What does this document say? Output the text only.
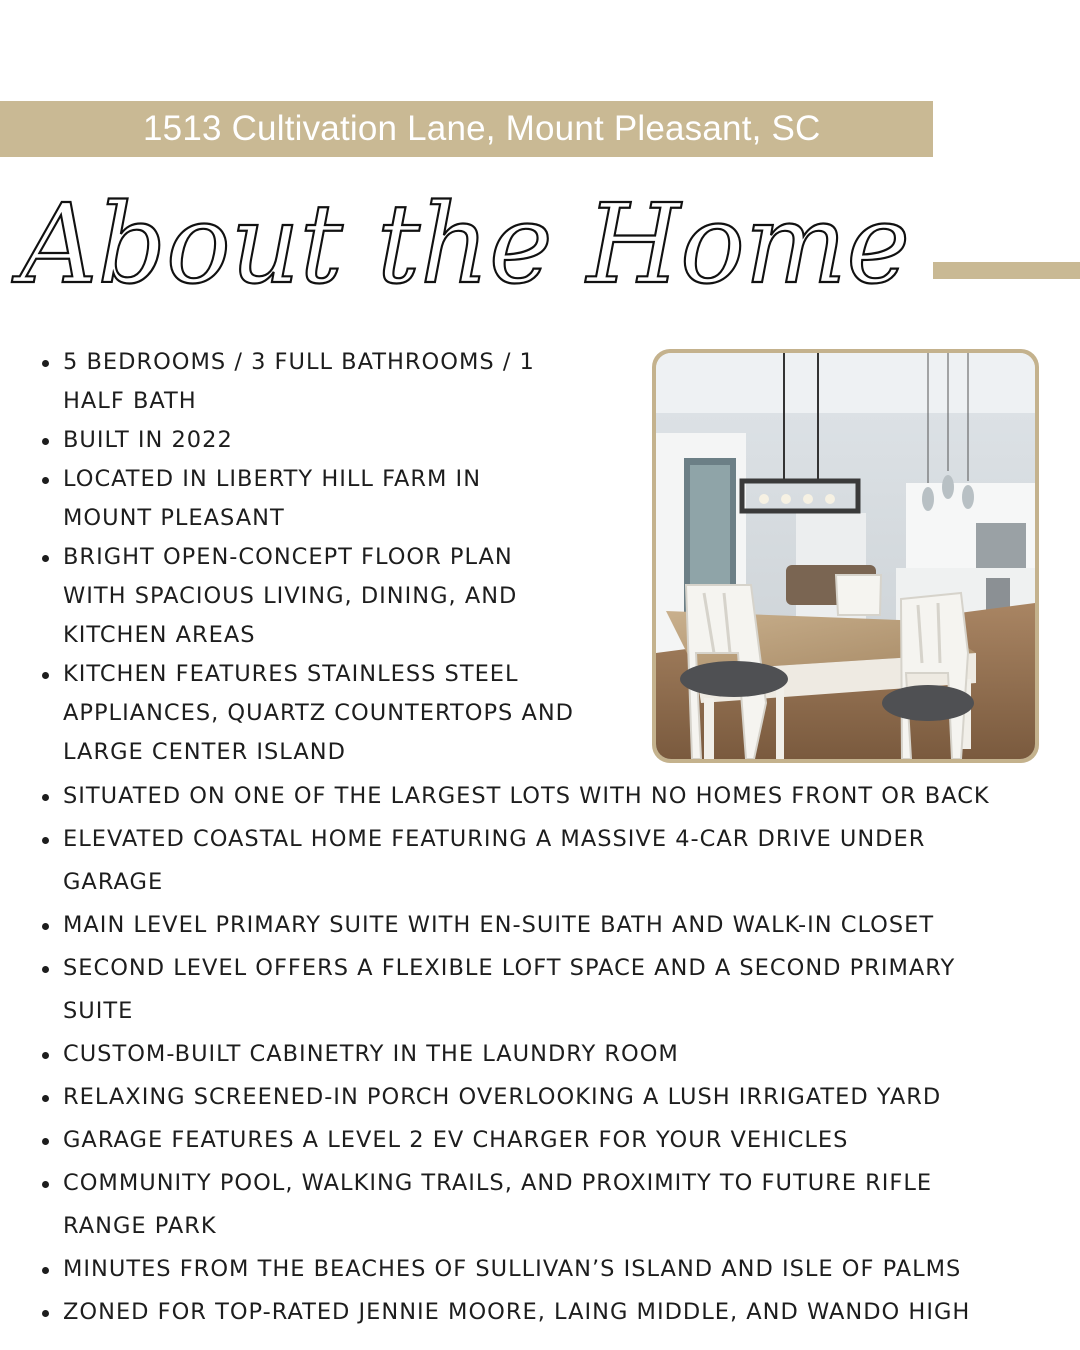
1513 Cultivation Lane, Mount Pleasant, SC
About the Home
5 BEDROOMS / 3 FULL BATHROOMS / 1
HALF BATH
BUILT IN 2022
LOCATED IN LIBERTY HILL FARM IN
MOUNT PLEASANT
BRIGHT OPEN-CONCEPT FLOOR PLAN
WITH SPACIOUS LIVING, DINING, AND
KITCHEN AREAS
KITCHEN FEATURES STAINLESS STEEL
APPLIANCES, QUARTZ COUNTERTOPS AND
LARGE CENTER ISLAND
SITUATED ON ONE OF THE LARGEST LOTS WITH NO HOMES FRONT OR BACK
ELEVATED COASTAL HOME FEATURING A MASSIVE 4-CAR DRIVE UNDER
GARAGE
MAIN LEVEL PRIMARY SUITE WITH EN-SUITE BATH AND WALK-IN CLOSET
SECOND LEVEL OFFERS A FLEXIBLE LOFT SPACE AND A SECOND PRIMARY
SUITE
CUSTOM-BUILT CABINETRY IN THE LAUNDRY ROOM
RELAXING SCREENED-IN PORCH OVERLOOKING A LUSH IRRIGATED YARD
GARAGE FEATURES A LEVEL 2 EV CHARGER FOR YOUR VEHICLES
COMMUNITY POOL, WALKING TRAILS, AND PROXIMITY TO FUTURE RIFLE
RANGE PARK
MINUTES FROM THE BEACHES OF SULLIVAN’S ISLAND AND ISLE OF PALMS
ZONED FOR TOP-RATED JENNIE MOORE, LAING MIDDLE, AND WANDO HIGH
